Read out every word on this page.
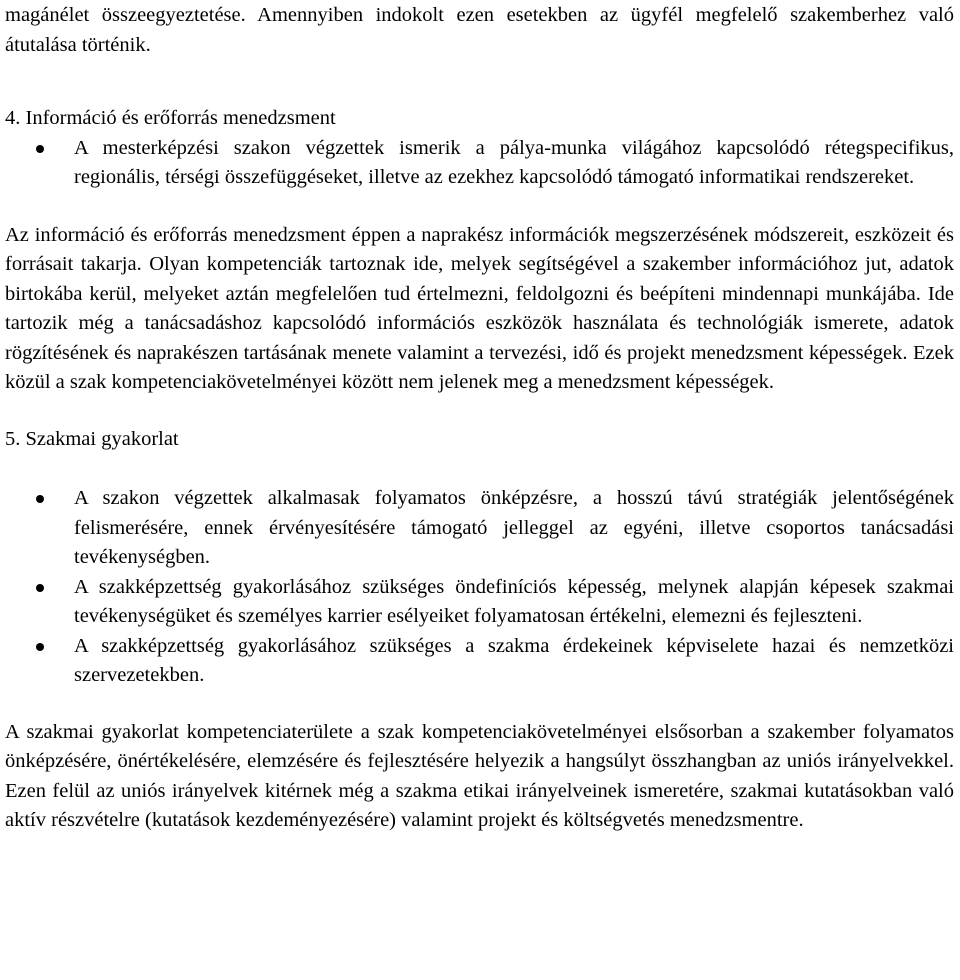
magánélet összeegyeztetése. Amennyiben indokolt ezen esetekben az ügyfél megfelelő szakemberhez való átutalása történik.

4. Információ és erőforrás menedzsment
A mesterképzési szakon végzettek ismerik a pálya-munka világához kapcsolódó rétegspecifikus, regionális, térségi összefüggéseket, illetve az ezekhez kapcsolódó támogató informatikai rendszereket.

Az információ és erőforrás menedzsment éppen a naprakész információk megszerzésének módszereit, eszközeit és forrásait takarja. Olyan kompetenciák tartoznak ide, melyek segítségével a szakember információhoz jut, adatok birtokába kerül, melyeket aztán megfelelően tud értelmezni, feldolgozni és beépíteni mindennapi munkájába. Ide tartozik még a tanácsadáshoz kapcsolódó információs eszközök használata és technológiák ismerete, adatok rögzítésének és naprakészen tartásának menete valamint a tervezési, idő és projekt menedzsment képességek. Ezek közül a szak kompetenciakövetelményei között nem jelenek meg a menedzsment képességek.

5. Szakmai gyakorlat
A szakon végzettek alkalmasak folyamatos önképzésre, a hosszú távú stratégiák jelentőségének felismerésére, ennek érvényesítésére támogató jelleggel az egyéni, illetve csoportos tanácsadási tevékenységben.
A szakképzettség gyakorlásához szükséges öndefiníciós képesség, melynek alapján képesek szakmai tevékenységüket és személyes karrier esélyeiket folyamatosan értékelni, elemezni és fejleszteni.
A szakképzettség gyakorlásához szükséges a szakma érdekeinek képviselete hazai és nemzetközi szervezetekben.

A szakmai gyakorlat kompetenciaterülete a szak kompetenciakövetelményei elsősorban a szakember folyamatos önképzésére, önértékelésére, elemzésére és fejlesztésére helyezik a hangsúlyt összhangban az uniós irányelvekkel. Ezen felül az uniós irányelvek kitérnek még a szakma etikai irányelveinek ismeretére, szakmai kutatásokban való aktív részvételre (kutatások kezdeményezésére) valamint projekt és költségvetés menedzsmentre.
